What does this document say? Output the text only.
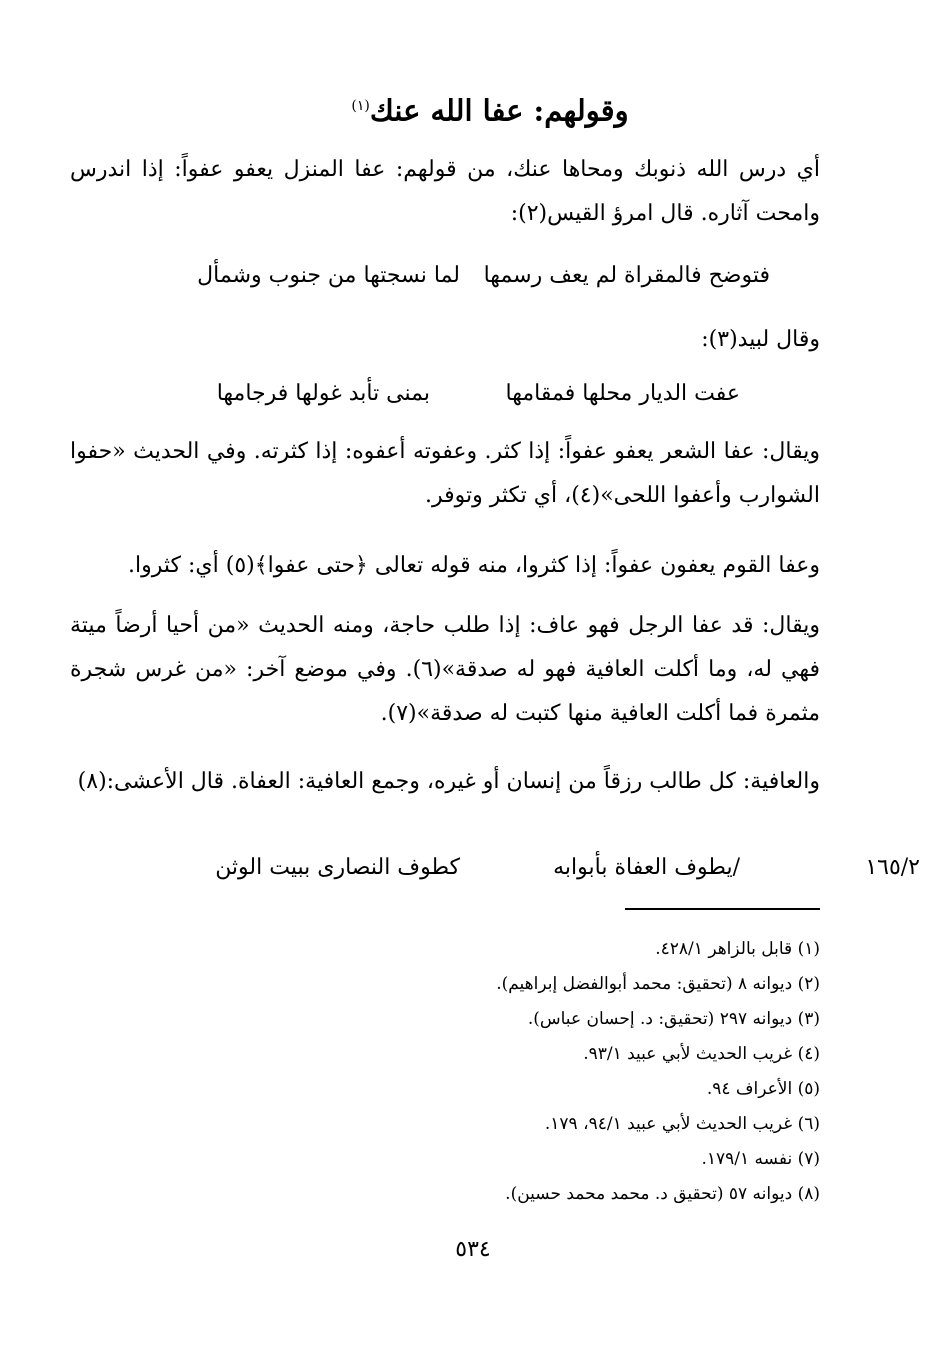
وقولهم: عفا الله عنك$^{(١)}$
أي درس الله ذنوبك ومحاها عنك، من قولهم: عفا المنزل يعفو عفواً: إذا اندرس وامحت آثاره. قال امرؤ القيس(٢):
فتوضح فالمقراة لم يعف رسمها
لما نسجتها من جنوب وشمأل
وقال لبيد(٣):
عفت الديار محلها فمقامها
بمنى تأبد غولها فرجامها
ويقال: عفا الشعر يعفو عفواً: إذا كثر. وعفوته أعفوه: إذا كثرته. وفي الحديث «حفوا الشوارب وأعفوا اللحى»(٤)، أي تكثر وتوفر.
وعفا القوم يعفون عفواً: إذا كثروا، منه قوله تعالى ﴿حتى عفوا﴾(٥) أي: كثروا.
ويقال: قد عفا الرجل فهو عاف: إذا طلب حاجة، ومنه الحديث «من أحيا أرضاً ميتة فهي له، وما أكلت العافية فهو له صدقة»(٦). وفي موضع آخر: «من غرس شجرة مثمرة فما أكلت العافية منها كتبت له صدقة»(٧).
والعافية: كل طالب رزقاً من إنسان أو غيره، وجمع العافية: العفاة. قال الأعشى:(٨)
١٦٥/٢
/يطوف العفاة بأبوابه
كطوف النصارى ببيت الوثن
(١) قابل بالزاهر ٤٢٨/١.
(٢) ديوانه ٨ (تحقيق: محمد أبوالفضل إبراهيم).
(٣) ديوانه ٢٩٧ (تحقيق: د. إحسان عباس).
(٤) غريب الحديث لأبي عبيد ٩٣/١.
(٥) الأعراف ٩٤.
(٦) غريب الحديث لأبي عبيد ٩٤/١، ١٧٩.
(٧) نفسه ١٧٩/١.
(٨) ديوانه ٥٧ (تحقيق د. محمد محمد حسين).
٥٣٤
